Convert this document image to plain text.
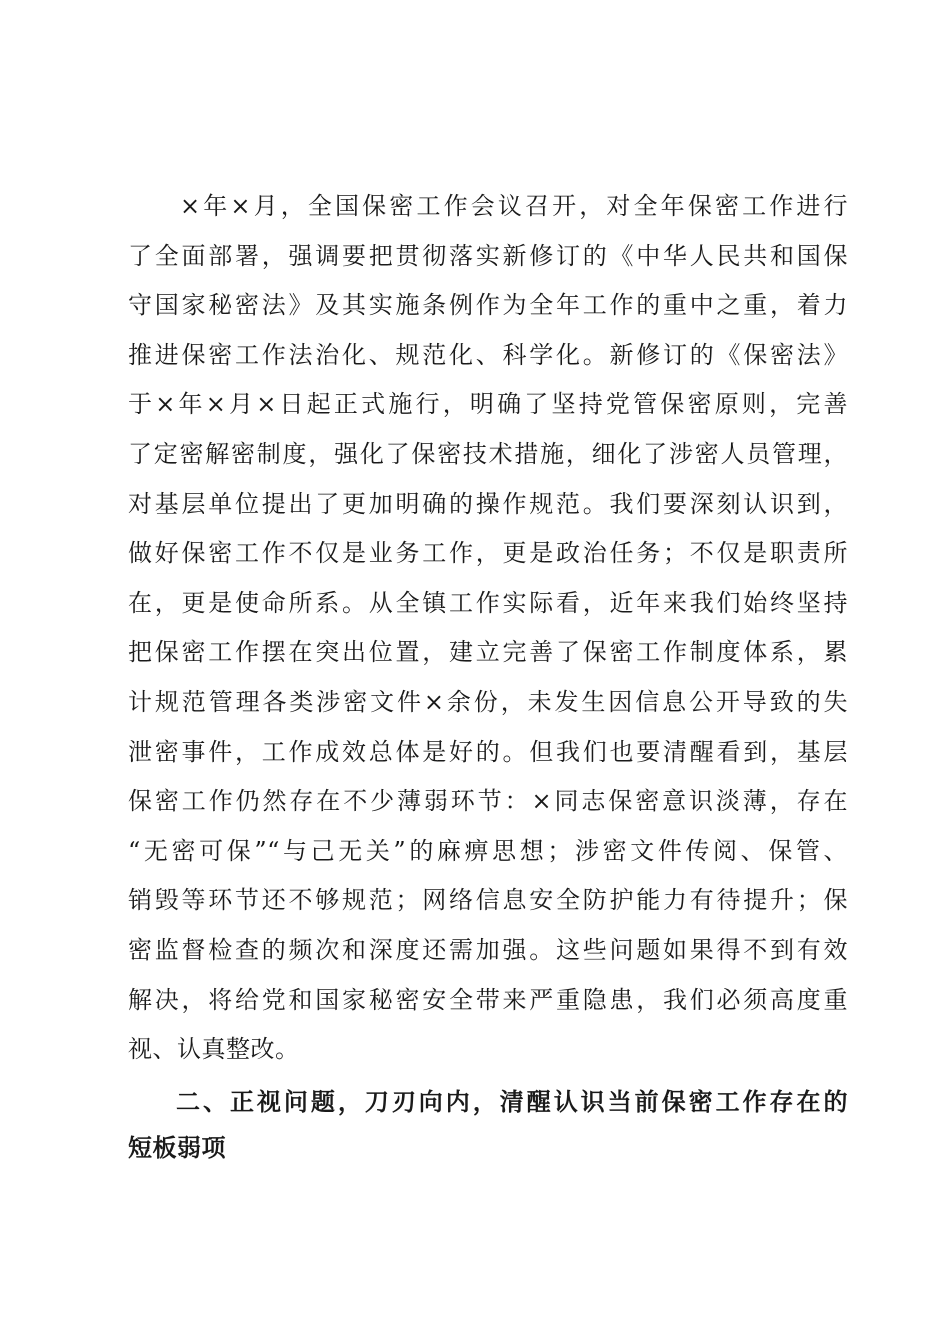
×年×月，全国保密工作会议召开，对全年保密工作进行
了全面部署，强调要把贯彻落实新修订的《中华人民共和国保
守国家秘密法》及其实施条例作为全年工作的重中之重，着力
推进保密工作法治化、规范化、科学化。新修订的《保密法》
于×年×月×日起正式施行，明确了坚持党管保密原则，完善
了定密解密制度，强化了保密技术措施，细化了涉密人员管理，
对基层单位提出了更加明确的操作规范。我们要深刻认识到，
做好保密工作不仅是业务工作，更是政治任务；不仅是职责所
在，更是使命所系。从全镇工作实际看，近年来我们始终坚持
把保密工作摆在突出位置，建立完善了保密工作制度体系，累
计规范管理各类涉密文件×余份，未发生因信息公开导致的失
泄密事件，工作成效总体是好的。但我们也要清醒看到，基层
保密工作仍然存在不少薄弱环节：×同志保密意识淡薄，存在
“无密可保”“与己无关”的麻痹思想；涉密文件传阅、保管、
销毁等环节还不够规范；网络信息安全防护能力有待提升；保
密监督检查的频次和深度还需加强。这些问题如果得不到有效
解决，将给党和国家秘密安全带来严重隐患，我们必须高度重
视、认真整改。
二、正视问题，刀刃向内，清醒认识当前保密工作存在的
短板弱项
